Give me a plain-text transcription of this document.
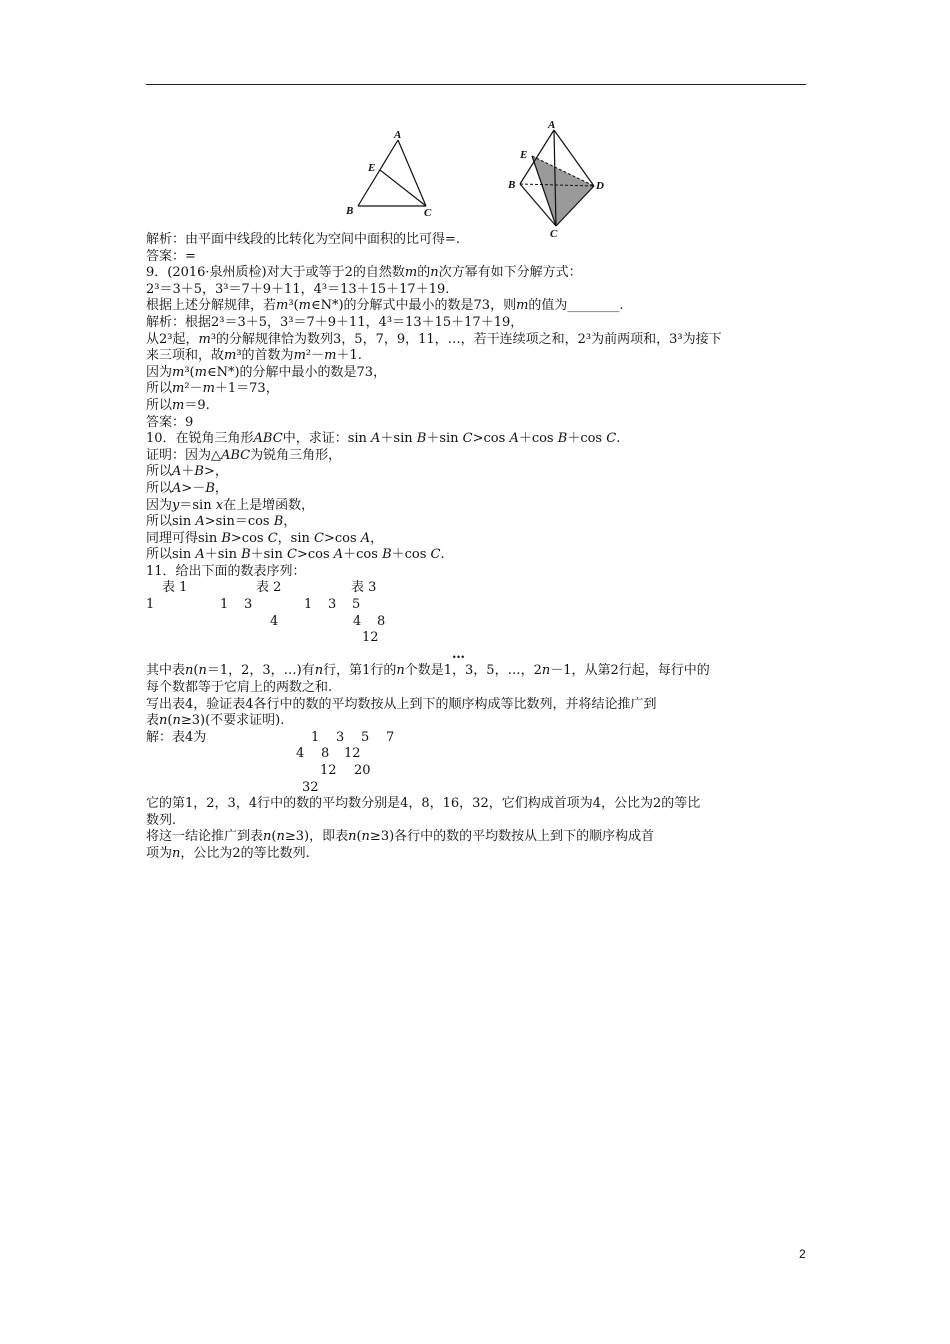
A
E
B	C
A
E
B	D
C

解析：由平面中线段的比转化为空间中面积的比可得=.

答案：=

9．(2016·泉州质检)对大于或等于2的自然数m的n次方幂有如下分解方式：

2³＝3＋5，3³＝7＋9＋11，4³＝13＋15＋17＋19.

根据上述分解规律，若m³(m∈N*)的分解式中最小的数是73，则m的值为________.

解析：根据2³＝3＋5，3³＝7＋9＋11，4³＝13＋15＋17＋19，

从2³起，m³的分解规律恰为数列3，5，7，9，11，…，若干连续项之和，2³为前两项和，3³为接下

来三项和，故m³的首数为m²－m＋1.

因为m³(m∈N*)的分解中最小的数是73，

所以m²－m＋1＝73，

所以m＝9.

答案：9

10．在锐角三角形ABC中，求证：sin A＋sin B＋sin C>cos A＋cos B＋cos C.

证明：因为△ABC为锐角三角形，

所以A＋B>，

所以A>－B，

因为y＝sin x在上是增函数，

所以sin A>sin＝cos B，

同理可得sin B>cos C，sin C>cos A，

所以sin A＋sin B＋sin C>cos A＋cos B＋cos C.

11．给出下面的数表序列：

表 1	表 2	表 3
1	1 3	1 3 5
4	4 8
12
…

其中表n(n＝1，2，3，…)有n行，第1行的n个数是1，3，5，…，2n－1，从第2行起，每行中的

每个数都等于它肩上的两数之和.

写出表4，验证表4各行中的数的平均数按从上到下的顺序构成等比数列，并将结论推广到

表n(n≥3)(不要求证明).

解：表4为	1 3 5 7
4 8 12
12 20
32

它的第1，2，3，4行中的数的平均数分别是4，8，16，32，它们构成首项为4，公比为2的等比

数列.

将这一结论推广到表n(n≥3)，即表n(n≥3)各行中的数的平均数按从上到下的顺序构成首

项为n，公比为2的等比数列.

2
